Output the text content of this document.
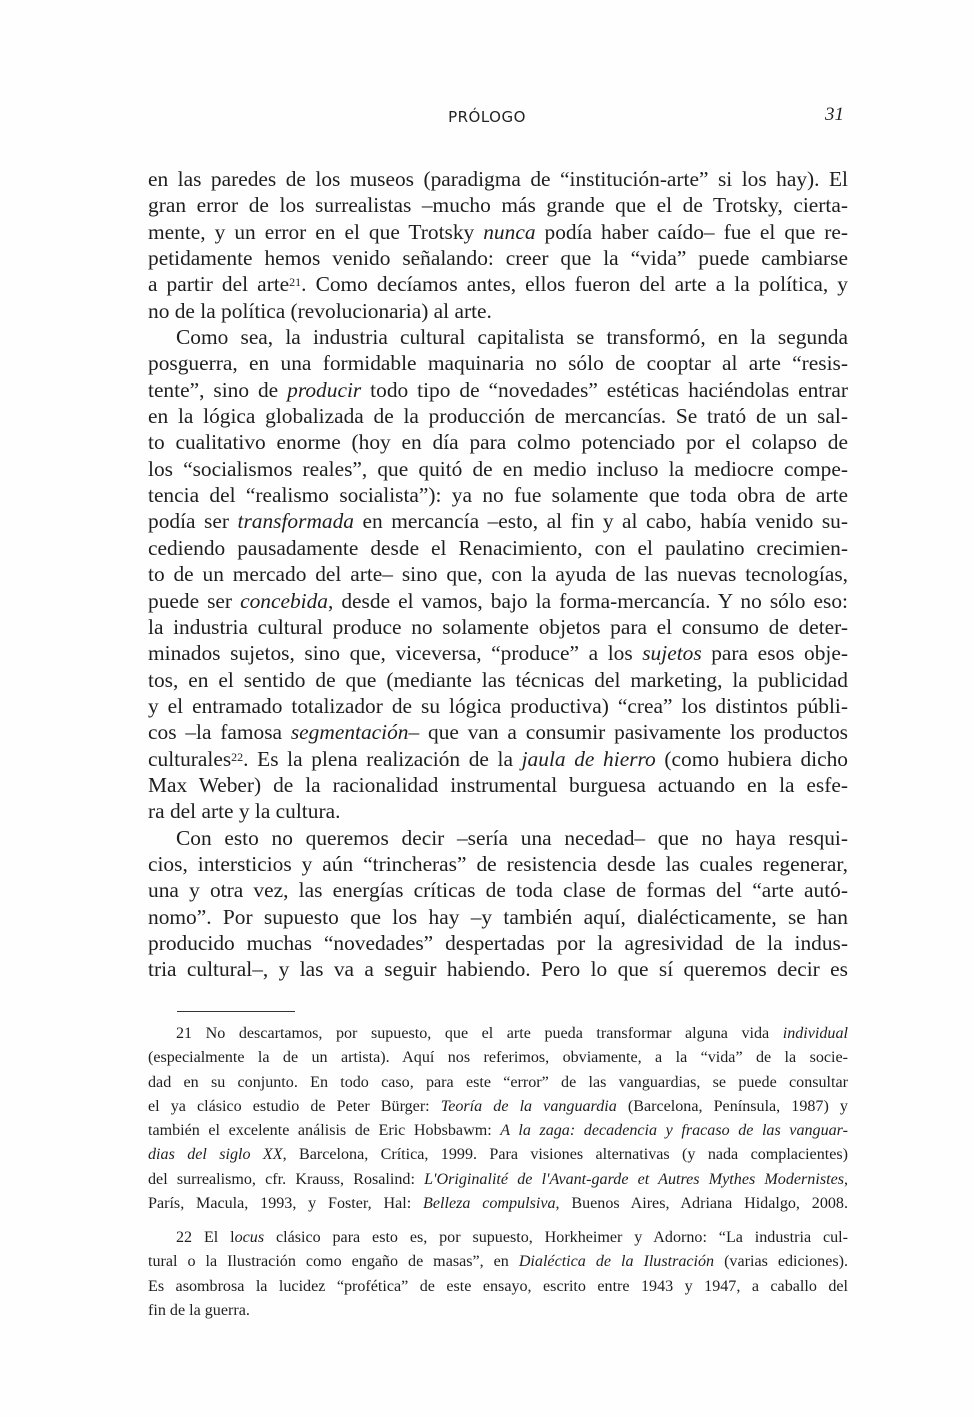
PRÓLOGO	31
en las paredes de los museos (paradigma de “institución-arte” si los hay). El
gran error de los surrealistas –mucho más grande que el de Trotsky, cierta-
mente, y un error en el que Trotsky nunca podía haber caído– fue el que re-
petidamente hemos venido señalando: creer que la “vida” puede cambiarse
a partir del arte$^{21}$. Como decíamos antes, ellos fueron del arte a la política, y
no de la política (revolucionaria) al arte.
Como sea, la industria cultural capitalista se transformó, en la segunda
posguerra, en una formidable maquinaria no sólo de cooptar al arte “resis-
tente”, sino de producir todo tipo de “novedades” estéticas haciéndolas entrar
en la lógica globalizada de la producción de mercancías. Se trató de un sal-
to cualitativo enorme (hoy en día para colmo potenciado por el colapso de
los “socialismos reales”, que quitó de en medio incluso la mediocre compe-
tencia del “realismo socialista”): ya no fue solamente que toda obra de arte
podía ser transformada en mercancía –esto, al fin y al cabo, había venido su-
cediendo pausadamente desde el Renacimiento, con el paulatino crecimien-
to de un mercado del arte– sino que, con la ayuda de las nuevas tecnologías,
puede ser concebida, desde el vamos, bajo la forma-mercancía. Y no sólo eso:
la industria cultural produce no solamente objetos para el consumo de deter-
minados sujetos, sino que, viceversa, “produce” a los sujetos para esos obje-
tos, en el sentido de que (mediante las técnicas del marketing, la publicidad
y el entramado totalizador de su lógica productiva) “crea” los distintos públi-
cos –la famosa segmentación– que van a consumir pasivamente los productos
culturales$^{22}$. Es la plena realización de la jaula de hierro (como hubiera dicho
Max Weber) de la racionalidad instrumental burguesa actuando en la esfe-
ra del arte y la cultura.
Con esto no queremos decir –sería una necedad– que no haya resqui-
cios, intersticios y aún “trincheras” de resistencia desde las cuales regenerar,
una y otra vez, las energías críticas de toda clase de formas del “arte autó-
nomo”. Por supuesto que los hay –y también aquí, dialécticamente, se han
producido muchas “novedades” despertadas por la agresividad de la indus-
tria cultural–, y las va a seguir habiendo. Pero lo que sí queremos decir es
21 No descartamos, por supuesto, que el arte pueda transformar alguna vida individual
(especialmente la de un artista). Aquí nos referimos, obviamente, a la “vida” de la socie-
dad en su conjunto. En todo caso, para este “error” de las vanguardias, se puede consultar
el ya clásico estudio de Peter Bürger: Teoría de la vanguardia (Barcelona, Península, 1987) y
también el excelente análisis de Eric Hobsbawm: A la zaga: decadencia y fracaso de las vanguar-
dias del siglo XX, Barcelona, Crítica, 1999. Para visiones alternativas (y nada complacientes)
del surrealismo, cfr. Krauss, Rosalind: L'Originalité de l'Avant-garde et Autres Mythes Modernistes,
París, Macula, 1993, y Foster, Hal: Belleza compulsiva, Buenos Aires, Adriana Hidalgo, 2008.
22 El locus clásico para esto es, por supuesto, Horkheimer y Adorno: “La industria cul-
tural o la Ilustración como engaño de masas”, en Dialéctica de la Ilustración (varias ediciones).
Es asombrosa la lucidez “profética” de este ensayo, escrito entre 1943 y 1947, a caballo del
fin de la guerra.
